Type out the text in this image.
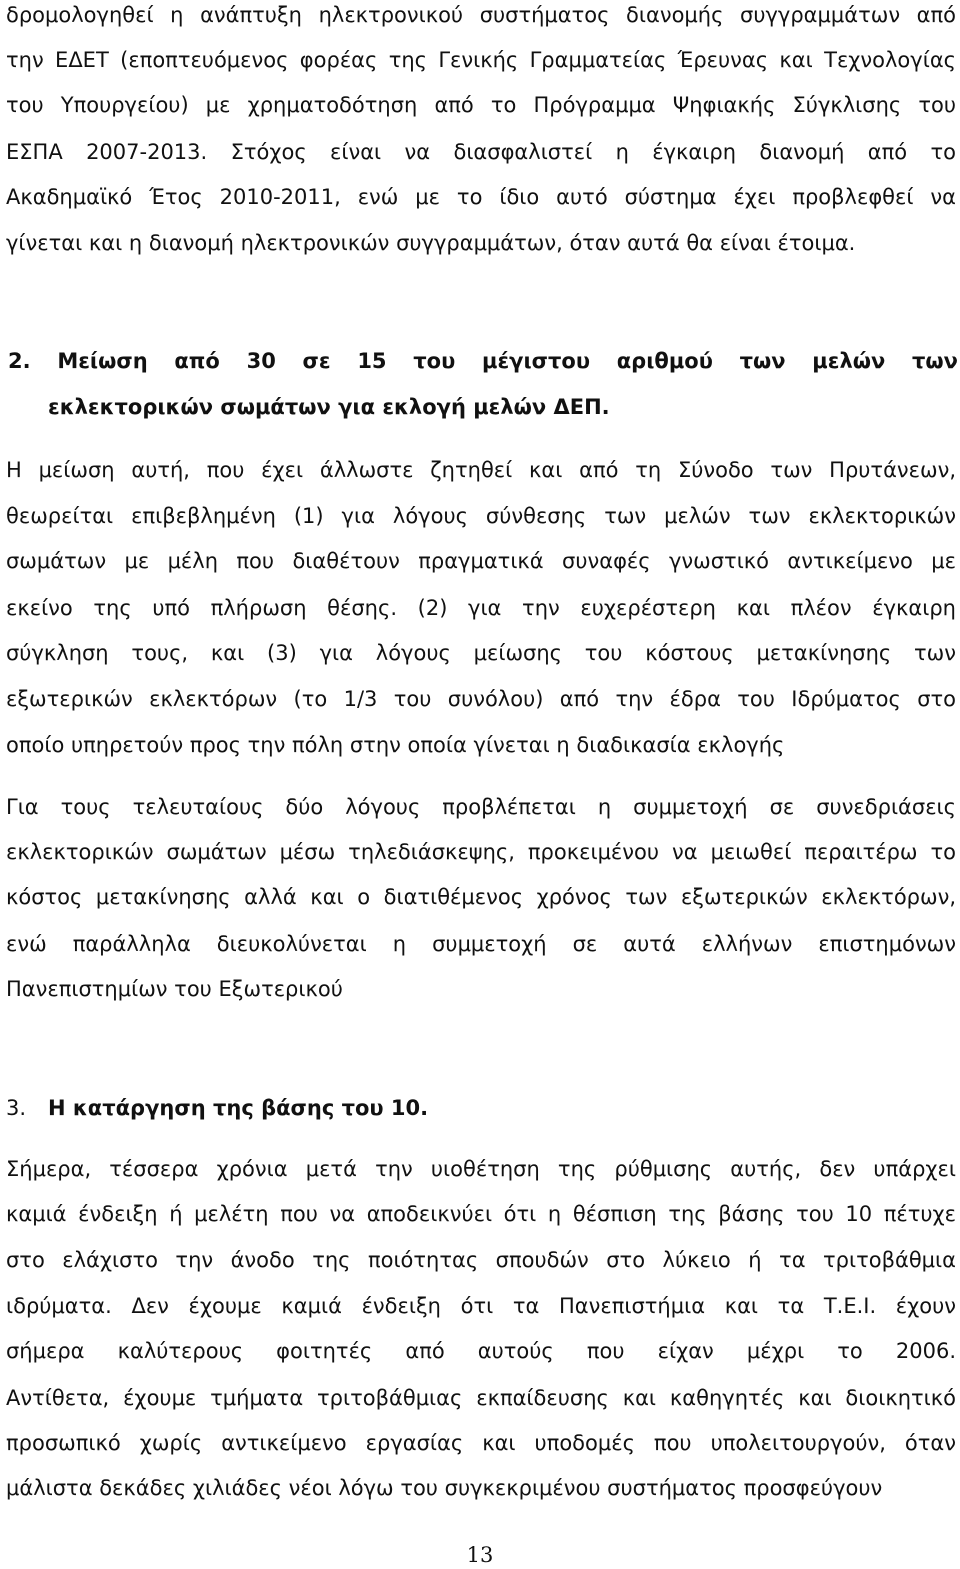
δρομολογηθεί η ανάπτυξη ηλεκτρονικού συστήματος διανομής συγγραμμάτων από
την ΕΔΕΤ (εποπτευόμενος φορέας της Γενικής Γραμματείας Έρευνας και Τεχνολογίας
του Υπουργείου) με χρηματοδότηση από το Πρόγραμμα Ψηφιακής Σύγκλισης του
ΕΣΠΑ 2007-2013. Στόχος είναι να διασφαλιστεί η έγκαιρη διανομή από το
Ακαδημαϊκό Έτος 2010-2011, ενώ με το ίδιο αυτό σύστημα έχει προβλεφθεί να
γίνεται και η διανομή ηλεκτρονικών συγγραμμάτων, όταν αυτά θα είναι έτοιμα.
2. Μείωση από 30 σε 15 του μέγιστου αριθμού των μελών των
εκλεκτορικών σωμάτων για εκλογή μελών ΔΕΠ.
Η μείωση αυτή, που έχει άλλωστε ζητηθεί και από τη Σύνοδο των Πρυτάνεων,
θεωρείται επιβεβλημένη (1) για λόγους σύνθεσης των μελών των εκλεκτορικών
σωμάτων με μέλη που διαθέτουν πραγματικά συναφές γνωστικό αντικείμενο με
εκείνο της υπό πλήρωση θέσης. (2) για την ευχερέστερη και πλέον έγκαιρη
σύγκληση τους, και (3) για λόγους μείωσης του κόστους μετακίνησης των
εξωτερικών εκλεκτόρων (το 1/3 του συνόλου) από την έδρα του Ιδρύματος στο
οποίο υπηρετούν προς την πόλη στην οποία γίνεται η διαδικασία εκλογής
Για τους τελευταίους δύο λόγους προβλέπεται η συμμετοχή σε συνεδριάσεις
εκλεκτορικών σωμάτων μέσω τηλεδιάσκεψης, προκειμένου να μειωθεί περαιτέρω το
κόστος μετακίνησης αλλά και ο διατιθέμενος χρόνος των εξωτερικών εκλεκτόρων,
ενώ παράλληλα διευκολύνεται η συμμετοχή σε αυτά ελλήνων επιστημόνων
Πανεπιστημίων του Εξωτερικού
3. Η κατάργηση της βάσης του 10.
Σήμερα, τέσσερα χρόνια μετά την υιοθέτηση της ρύθμισης αυτής, δεν υπάρχει
καμιά ένδειξη ή μελέτη που να αποδεικνύει ότι η θέσπιση της βάσης του 10 πέτυχε
στο ελάχιστο την άνοδο της ποιότητας σπουδών στο λύκειο ή τα τριτοβάθμια
ιδρύματα. Δεν έχουμε καμιά ένδειξη ότι τα Πανεπιστήμια και τα Τ.Ε.Ι. έχουν
σήμερα καλύτερους φοιτητές από αυτούς που είχαν μέχρι το 2006.
Αντίθετα, έχουμε τμήματα τριτοβάθμιας εκπαίδευσης και καθηγητές και διοικητικό
προσωπικό χωρίς αντικείμενο εργασίας και υποδομές που υπολειτουργούν, όταν
μάλιστα δεκάδες χιλιάδες νέοι λόγω του συγκεκριμένου συστήματος προσφεύγουν
13
